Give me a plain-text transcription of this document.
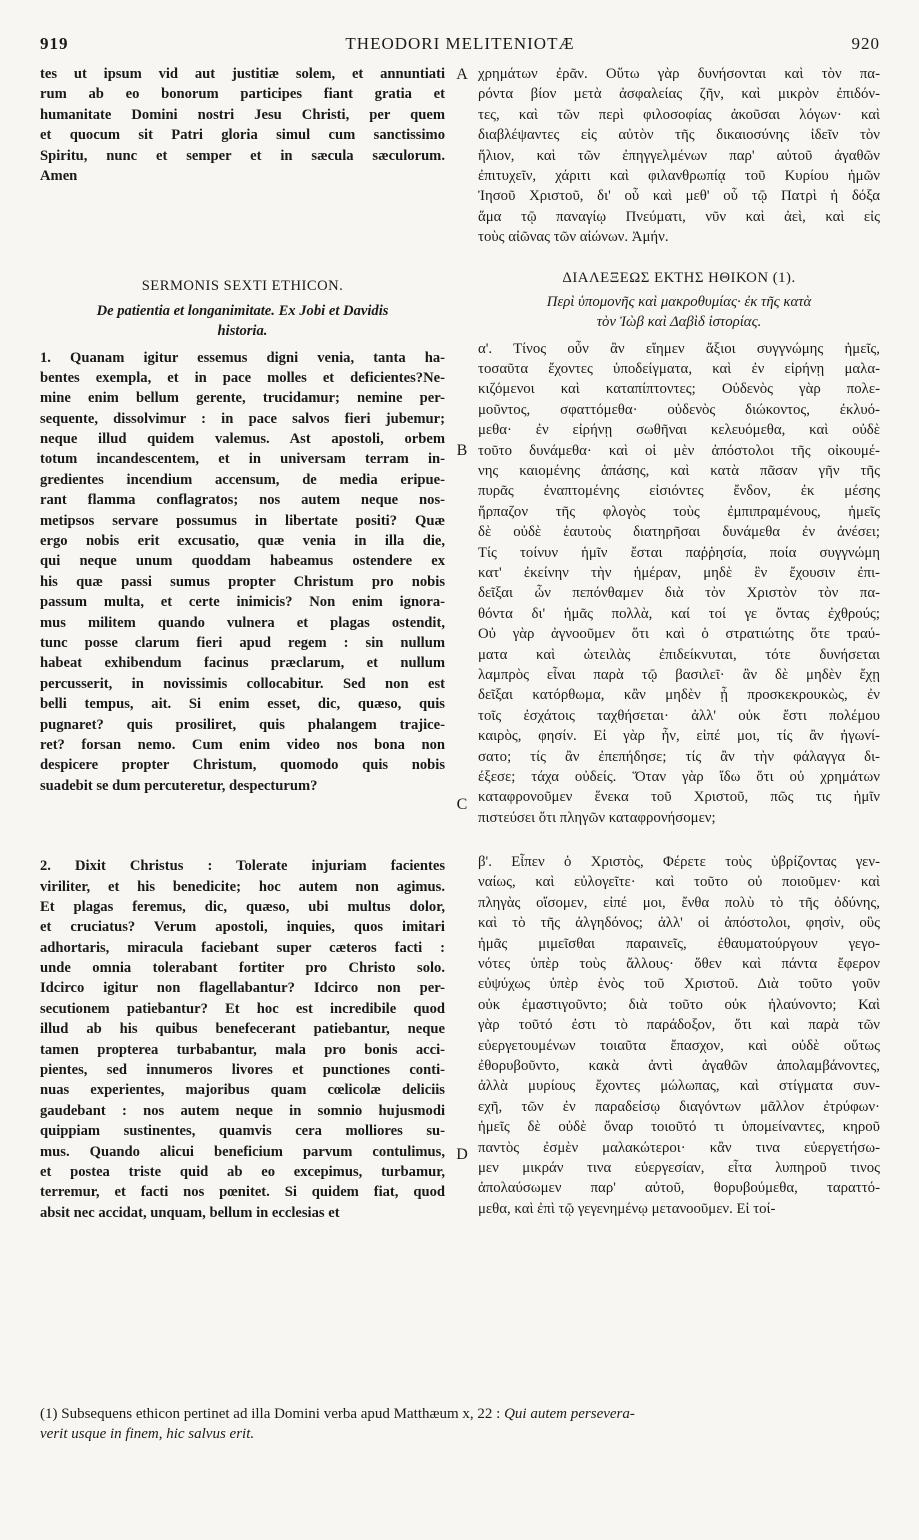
919	THEODORI MELITENIOTÆ	920
A
B
C
D
tes ut ipsum vid aut justitiæ solem, et annuntiati
rum ab eo bonorum participes fiant gratia et
humanitate Domini nostri Jesu Christi, per quem
et quocum sit Patri gloria simul cum sanctissimo
Spiritu, nunc et semper et in sæcula sæculorum.
Amen
SERMONIS SEXTI ETHICON.
De patientia et longanimitate. Ex Jobi et Davidis
historia.
1. Quanam igitur essemus digni venia, tanta ha-
bentes exempla, et in pace molles et deficientes?Ne-
mine enim bellum gerente, trucidamur; nemine per-
sequente, dissolvimur : in pace salvos fieri jubemur;
neque illud quidem valemus. Ast apostoli, orbem
totum incandescentem, et in universam terram in-
gredientes incendium accensum, de media eripue-
rant flamma conflagratos; nos autem neque nos-
metipsos servare possumus in libertate positi? Quæ
ergo nobis erit excusatio, quæ venia in illa die,
qui neque unum quoddam habeamus ostendere ex
his quæ passi sumus propter Christum pro nobis
passum multa, et certe inimicis? Non enim ignora-
mus militem quando vulnera et plagas ostendit,
tunc posse clarum fieri apud regem : sin nullum
habeat exhibendum facinus præclarum, et nullum
percusserit, in novissimis collocabitur. Sed non est
belli tempus, ait. Si enim esset, dic, quæso, quis
pugnaret? quis prosiliret, quis phalangem trajice-
ret? forsan nemo. Cum enim video nos bona non
despicere propter Christum, quomodo quis nobis
suadebit se dum percuteretur, despecturum?
2. Dixit Christus : Tolerate injuriam facientes
viriliter, et his benedicite; hoc autem non agimus.
Et plagas feremus, dic, quæso, ubi multus dolor,
et cruciatus? Verum apostoli, inquies, quos imitari
adhortaris, miracula faciebant super cæteros facti :
unde omnia tolerabant fortiter pro Christo solo.
Idcirco igitur non flagellabantur? Idcirco non per-
secutionem patiebantur? Et hoc est incredibile quod
illud ab his quibus benefecerant patiebantur, neque
tamen propterea turbabantur, mala pro bonis acci-
pientes, sed innumeros livores et punctiones conti-
nuas experientes, majoribus quam cœlicolæ deliciis
gaudebant : nos autem neque in somnio hujusmodi
quippiam sustinentes, quamvis cera molliores su-
mus. Quando alicui beneficium parvum contulimus,
et postea triste quid ab eo excepimus, turbamur,
terremur, et facti nos pœnitet. Si quidem fiat, quod
absit nec accidat, unquam, bellum in ecclesias et
χρημάτων ἐρᾶν. Οὕτω γὰρ δυνήσονται καὶ τὸν πα-
ρόντα βίον μετὰ ἀσφαλείας ζῆν, καὶ μικρὸν ἐπιδόν-
τες, καὶ τῶν περὶ φιλοσοφίας ἀκοῦσαι λόγων· καὶ
διαβλέψαντες εἰς αὐτὸν τῆς δικαιοσύνης ἰδεῖν τὸν
ἥλιον, καὶ τῶν ἐπηγγελμένων παρ' αὐτοῦ ἀγαθῶν
ἐπιτυχεῖν, χάριτι καὶ φιλανθρωπίᾳ τοῦ Κυρίου ἡμῶν
Ἰησοῦ Χριστοῦ, δι' οὗ καὶ μεθ' οὗ τῷ Πατρὶ ἡ δόξα
ἅμα τῷ παναγίῳ Πνεύματι, νῦν καὶ ἀεὶ, καὶ εἰς
τοὺς αἰῶνας τῶν αἰώνων. Ἀμήν.
ΔΙΑΛΕΞΕΩΣ ΕΚΤΗΣ ΗΘΙΚΟΝ (1).
Περὶ ὑπομονῆς καὶ μακροθυμίας· ἐκ τῆς κατὰ
τὸν Ἰὼβ καὶ Δαβὶδ ἱστορίας.
α'. Τίνος οὖν ἂν εἴημεν ἄξιοι συγγνώμης ἡμεῖς,
τοσαῦτα ἔχοντες ὑποδείγματα, καὶ ἐν εἰρήνῃ μαλα-
κιζόμενοι καὶ καταπίπτοντες; Οὐδενὸς γὰρ πολε-
μοῦντος, σφαττόμεθα· οὐδενὸς διώκοντος, ἐκλυό-
μεθα· ἐν εἰρήνῃ σωθῆναι κελευόμεθα, καὶ οὐδὲ
τοῦτο δυνάμεθα· καὶ οἱ μὲν ἀπόστολοι τῆς οἰκουμέ-
νης καιομένης ἁπάσης, καὶ κατὰ πᾶσαν γῆν τῆς
πυρᾶς ἐναπτομένης εἰσιόντες ἔνδον, ἐκ μέσης
ἥρπαζον τῆς φλογὸς τοὺς ἐμπιπραμένους, ἡμεῖς
δὲ οὐδὲ ἑαυτοὺς διατηρῆσαι δυνάμεθα ἐν ἀνέσει;
Τίς τοίνυν ἡμῖν ἔσται παῤῥησία, ποία συγγνώμη
κατ' ἐκείνην τὴν ἡμέραν, μηδὲ ἓν ἔχουσιν ἐπι-
δεῖξαι ὧν πεπόνθαμεν διὰ τὸν Χριστὸν τὸν πα-
θόντα δι' ἡμᾶς πολλὰ, καί τοί γε ὄντας ἐχθρούς;
Οὐ γὰρ ἀγνοοῦμεν ὅτι καὶ ὁ στρατιώτης ὅτε τραύ-
ματα καὶ ὠτειλὰς ἐπιδείκνυται, τότε δυνήσεται
λαμπρὸς εἶναι παρὰ τῷ βασιλεῖ· ἂν δὲ μηδὲν ἔχῃ
δεῖξαι κατόρθωμα, κἂν μηδὲν ᾖ προσκεκρουκὼς, ἐν
τοῖς ἐσχάτοις ταχθήσεται· ἀλλ' οὐκ ἔστι πολέμου
καιρὸς, φησίν. Εἰ γὰρ ἦν, εἰπέ μοι, τίς ἂν ἠγωνί-
σατο; τίς ἂν ἐπεπήδησε; τίς ἂν τὴν φάλαγγα δι-
έξεσε; τάχα οὐδείς. Ὅταν γὰρ ἴδω ὅτι οὐ χρημάτων
καταφρονοῦμεν ἕνεκα τοῦ Χριστοῦ, πῶς τις ἡμῖν
πιστεύσει ὅτι πληγῶν καταφρονήσομεν;
β'. Εἶπεν ὁ Χριστὸς, Φέρετε τοὺς ὑβρίζοντας γεν-
ναίως, καὶ εὐλογεῖτε· καὶ τοῦτο οὐ ποιοῦμεν· καὶ
πληγὰς οἴσομεν, εἰπέ μοι, ἔνθα πολὺ τὸ τῆς ὀδύνης,
καὶ τὸ τῆς ἀλγηδόνος; ἀλλ' οἱ ἀπόστολοι, φησὶν, οὓς
ἡμᾶς μιμεῖσθαι παραινεῖς, ἐθαυματούργουν γεγο-
νότες ὑπὲρ τοὺς ἄλλους· ὅθεν καὶ πάντα ἔφερον
εὐψύχως ὑπὲρ ἑνὸς τοῦ Χριστοῦ. Διὰ τοῦτο γοῦν
οὐκ ἐμαστιγοῦντο; διὰ τοῦτο οὐκ ἠλαύνοντο; Καὶ
γὰρ τοῦτό ἐστι τὸ παράδοξον, ὅτι καὶ παρὰ τῶν
εὐεργετουμένων τοιαῦτα ἔπασχον, καὶ οὐδὲ οὕτως
ἐθορυβοῦντο, κακὰ ἀντὶ ἀγαθῶν ἀπολαμβάνοντες,
ἀλλὰ μυρίους ἔχοντες μώλωπας, καὶ στίγματα συν-
εχῆ, τῶν ἐν παραδείσῳ διαγόντων μᾶλλον ἐτρύφων·
ἡμεῖς δὲ οὐδὲ ὄναρ τοιοῦτό τι ὑπομείναντες, κηροῦ
παντὸς ἐσμὲν μαλακώτεροι· κἂν τινα εὐεργετήσω-
μεν μικράν τινα εὐεργεσίαν, εἶτα λυπηροῦ τινος
ἀπολαύσωμεν παρ' αὐτοῦ, θορυβούμεθα, ταραττό-
μεθα, καὶ ἐπὶ τῷ γεγενημένῳ μετανοοῦμεν. Εἰ τοί-
(1) Subsequens ethicon pertinet ad illa Domini verba apud Matthæum x, 22 : Qui autem persevera-
verit usque in finem, hic salvus erit.
